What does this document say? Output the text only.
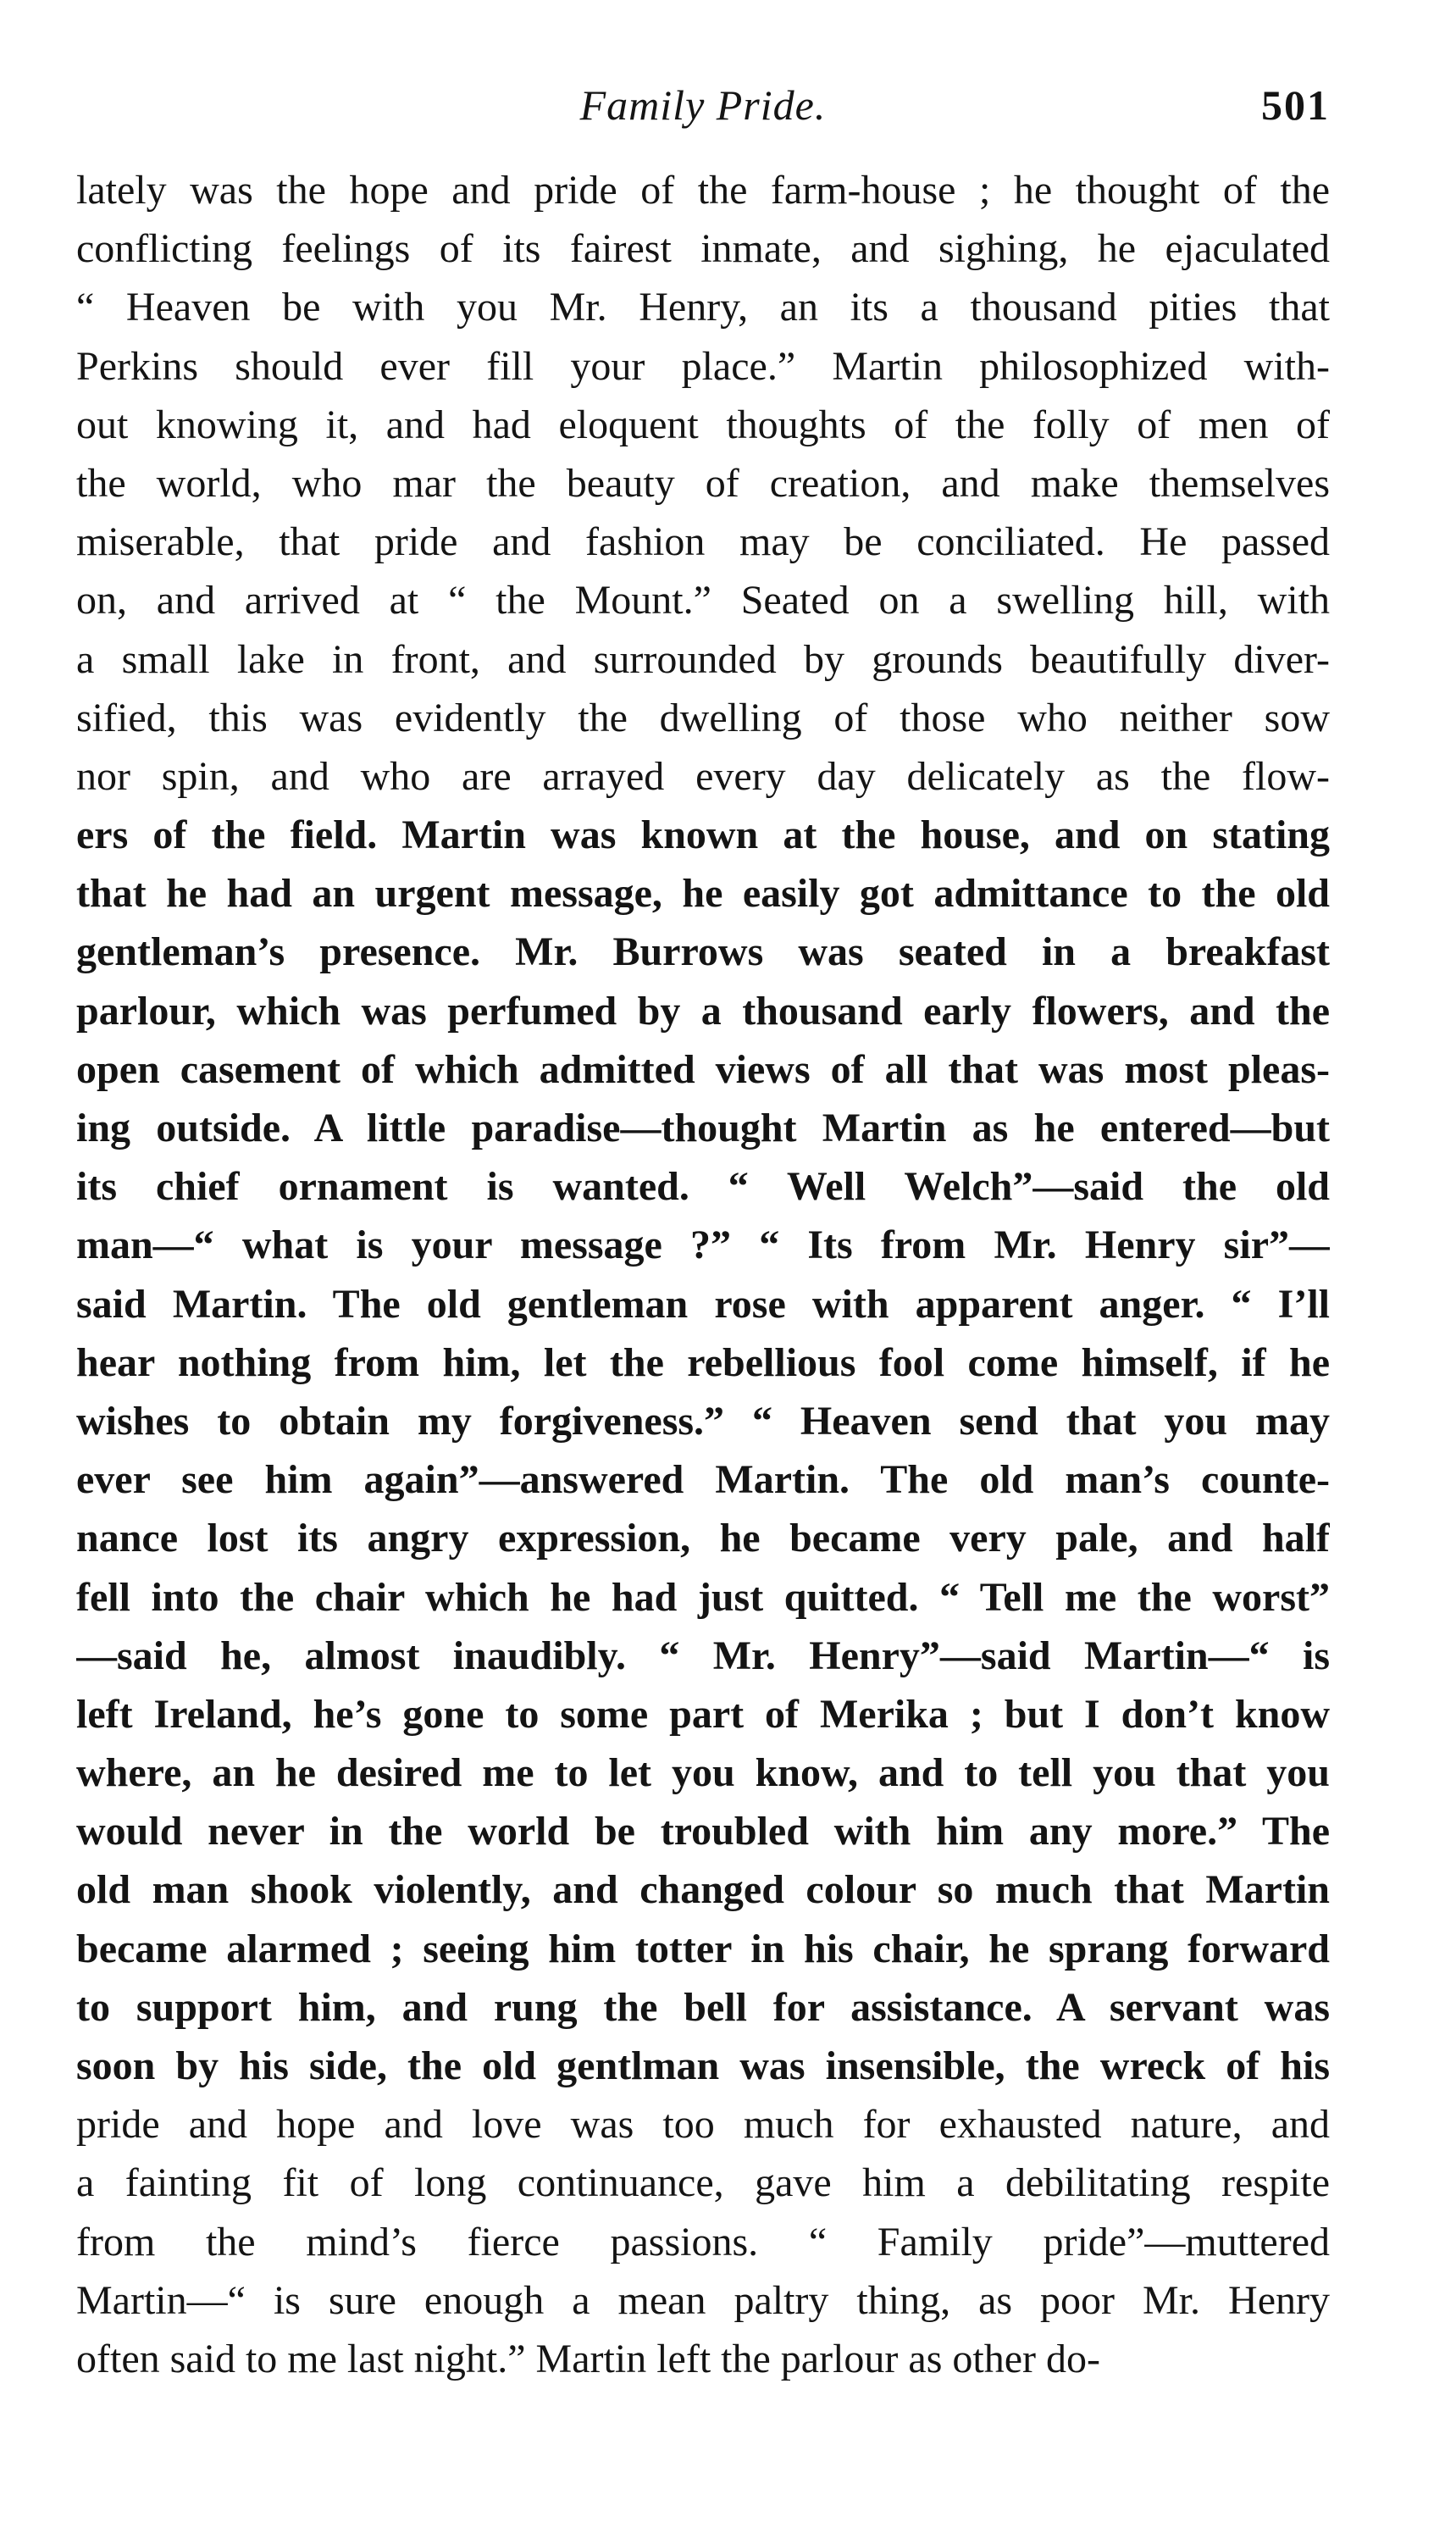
Family Pride.	501
lately was the hope and pride of the farm-house ; he thought of the
conflicting feelings of its fairest inmate, and sighing, he ejaculated
“ Heaven be with you Mr. Henry, an its a thousand pities that
Perkins should ever fill your place.” Martin philosophized with-
out knowing it, and had eloquent thoughts of the folly of men of
the world, who mar the beauty of creation, and make themselves
miserable, that pride and fashion may be conciliated. He passed
on, and arrived at “ the Mount.” Seated on a swelling hill, with
a small lake in front, and surrounded by grounds beautifully diver-
sified, this was evidently the dwelling of those who neither sow
nor spin, and who are arrayed every day delicately as the flow-
ers of the field. Martin was known at the house, and on stating
that he had an urgent message, he easily got admittance to the old
gentleman’s presence. Mr. Burrows was seated in a breakfast
parlour, which was perfumed by a thousand early flowers, and the
open casement of which admitted views of all that was most pleas-
ing outside. A little paradise—thought Martin as he entered—but
its chief ornament is wanted. “ Well Welch”—said the old
man—“ what is your message ?” “ Its from Mr. Henry sir”—
said Martin. The old gentleman rose with apparent anger. “ I’ll
hear nothing from him, let the rebellious fool come himself, if he
wishes to obtain my forgiveness.” “ Heaven send that you may
ever see him again”—answered Martin. The old man’s counte-
nance lost its angry expression, he became very pale, and half
fell into the chair which he had just quitted. “ Tell me the worst”
—said he, almost inaudibly. “ Mr. Henry”—said Martin—“ is
left Ireland, he’s gone to some part of Merika ; but I don’t know
where, an he desired me to let you know, and to tell you that you
would never in the world be troubled with him any more.” The
old man shook violently, and changed colour so much that Martin
became alarmed ; seeing him totter in his chair, he sprang forward
to support him, and rung the bell for assistance. A servant was
soon by his side, the old gentlman was insensible, the wreck of his
pride and hope and love was too much for exhausted nature, and
a fainting fit of long continuance, gave him a debilitating respite
from the mind’s fierce passions. “ Family pride”—muttered
Martin—“ is sure enough a mean paltry thing, as poor Mr. Henry
often said to me last night.” Martin left the parlour as other do-
